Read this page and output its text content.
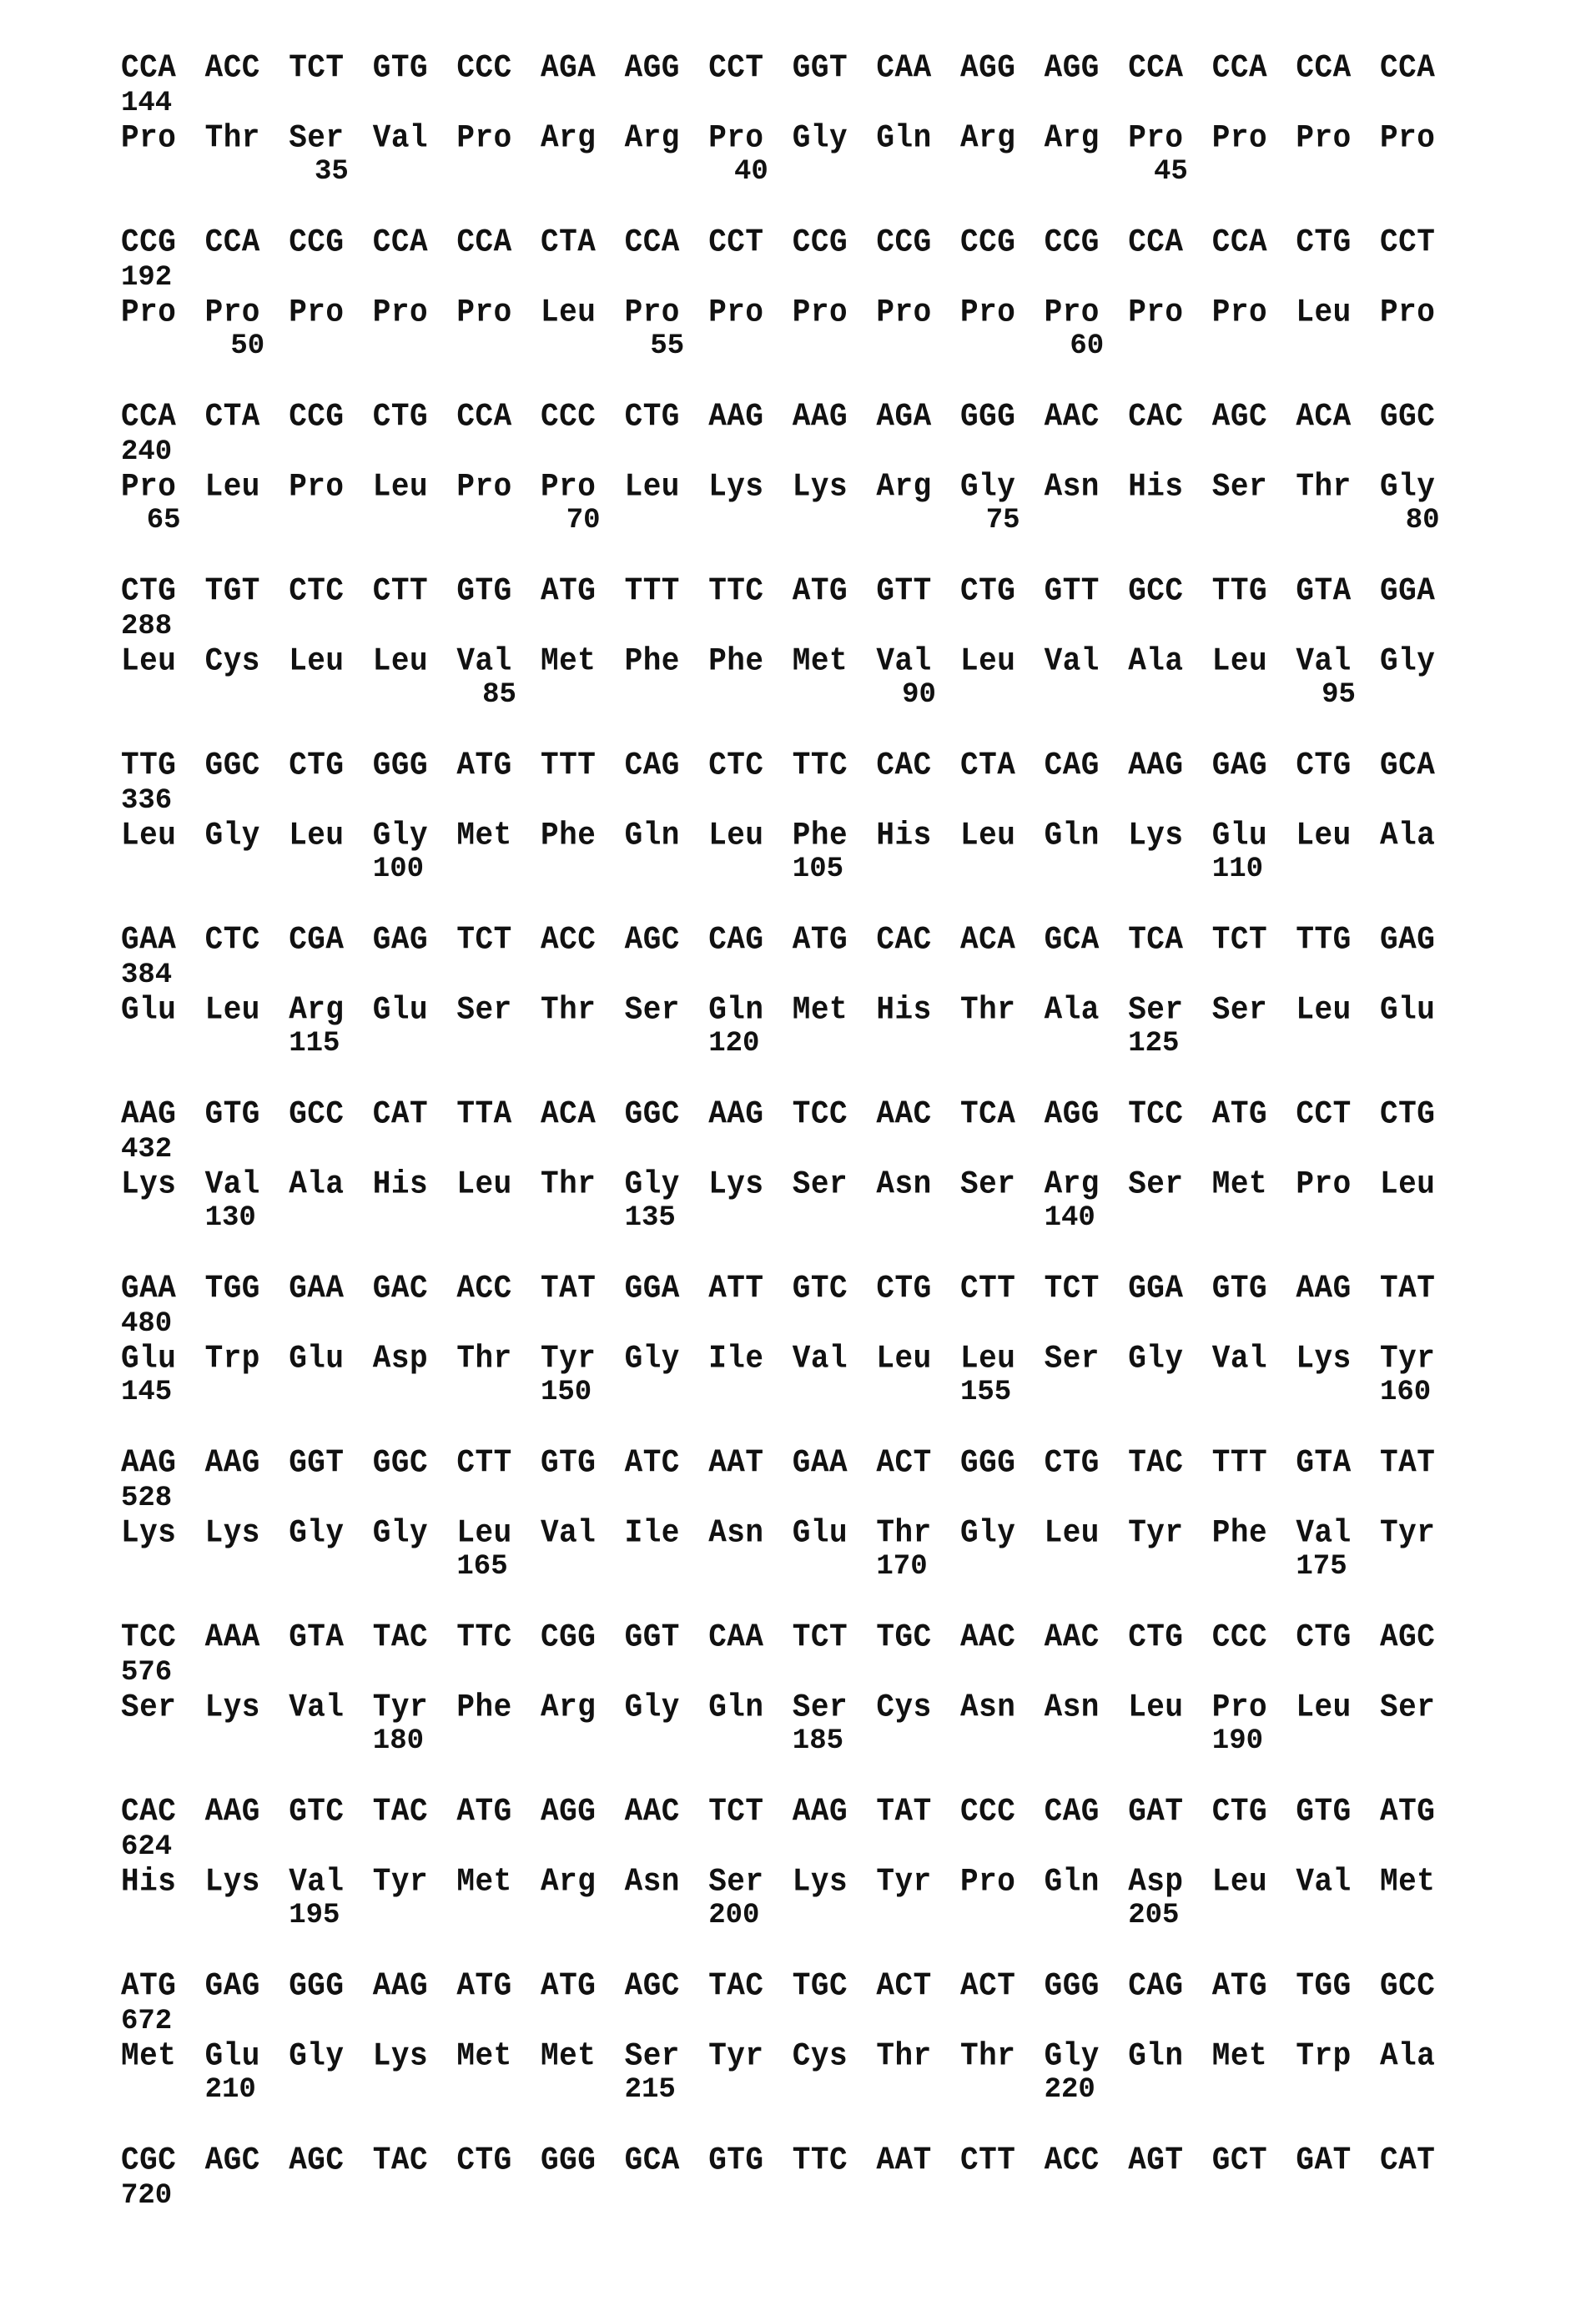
CCA ACC TCT GTG CCC AGA AGG CCT GGT CAA AGG AGG CCA CCA CCA CCA
144
Pro Thr Ser Val Pro Arg Arg Pro Gly Gln Arg Arg Pro Pro Pro Pro
35	40	45
CCG CCA CCG CCA CCA CTA CCA CCT CCG CCG CCG CCG CCA CCA CTG CCT
192
Pro Pro Pro Pro Pro Leu Pro Pro Pro Pro Pro Pro Pro Pro Leu Pro
50	55	60
CCA CTA CCG CTG CCA CCC CTG AAG AAG AGA GGG AAC CAC AGC ACA GGC
240
Pro Leu Pro Leu Pro Pro Leu Lys Lys Arg Gly Asn His Ser Thr Gly
65	70	75	80
CTG TGT CTC CTT GTG ATG TTT TTC ATG GTT CTG GTT GCC TTG GTA GGA
288
Leu Cys Leu Leu Val Met Phe Phe Met Val Leu Val Ala Leu Val Gly
85	90	95
TTG GGC CTG GGG ATG TTT CAG CTC TTC CAC CTA CAG AAG GAG CTG GCA
336
Leu Gly Leu Gly Met Phe Gln Leu Phe His Leu Gln Lys Glu Leu Ala
100	105	110
GAA CTC CGA GAG TCT ACC AGC CAG ATG CAC ACA GCA TCA TCT TTG GAG
384
Glu Leu Arg Glu Ser Thr Ser Gln Met His Thr Ala Ser Ser Leu Glu
115	120	125
AAG GTG GCC CAT TTA ACA GGC AAG TCC AAC TCA AGG TCC ATG CCT CTG
432
Lys Val Ala His Leu Thr Gly Lys Ser Asn Ser Arg Ser Met Pro Leu
130	135	140
GAA TGG GAA GAC ACC TAT GGA ATT GTC CTG CTT TCT GGA GTG AAG TAT
480
Glu Trp Glu Asp Thr Tyr Gly Ile Val Leu Leu Ser Gly Val Lys Tyr
145	150	155	160
AAG AAG GGT GGC CTT GTG ATC AAT GAA ACT GGG CTG TAC TTT GTA TAT
528
Lys Lys Gly Gly Leu Val Ile Asn Glu Thr Gly Leu Tyr Phe Val Tyr
165	170	175
TCC AAA GTA TAC TTC CGG GGT CAA TCT TGC AAC AAC CTG CCC CTG AGC
576
Ser Lys Val Tyr Phe Arg Gly Gln Ser Cys Asn Asn Leu Pro Leu Ser
180	185	190
CAC AAG GTC TAC ATG AGG AAC TCT AAG TAT CCC CAG GAT CTG GTG ATG
624
His Lys Val Tyr Met Arg Asn Ser Lys Tyr Pro Gln Asp Leu Val Met
195	200	205
ATG GAG GGG AAG ATG ATG AGC TAC TGC ACT ACT GGG CAG ATG TGG GCC
672
Met Glu Gly Lys Met Met Ser Tyr Cys Thr Thr Gly Gln Met Trp Ala
210	215	220
CGC AGC AGC TAC CTG GGG GCA GTG TTC AAT CTT ACC AGT GCT GAT CAT
720
